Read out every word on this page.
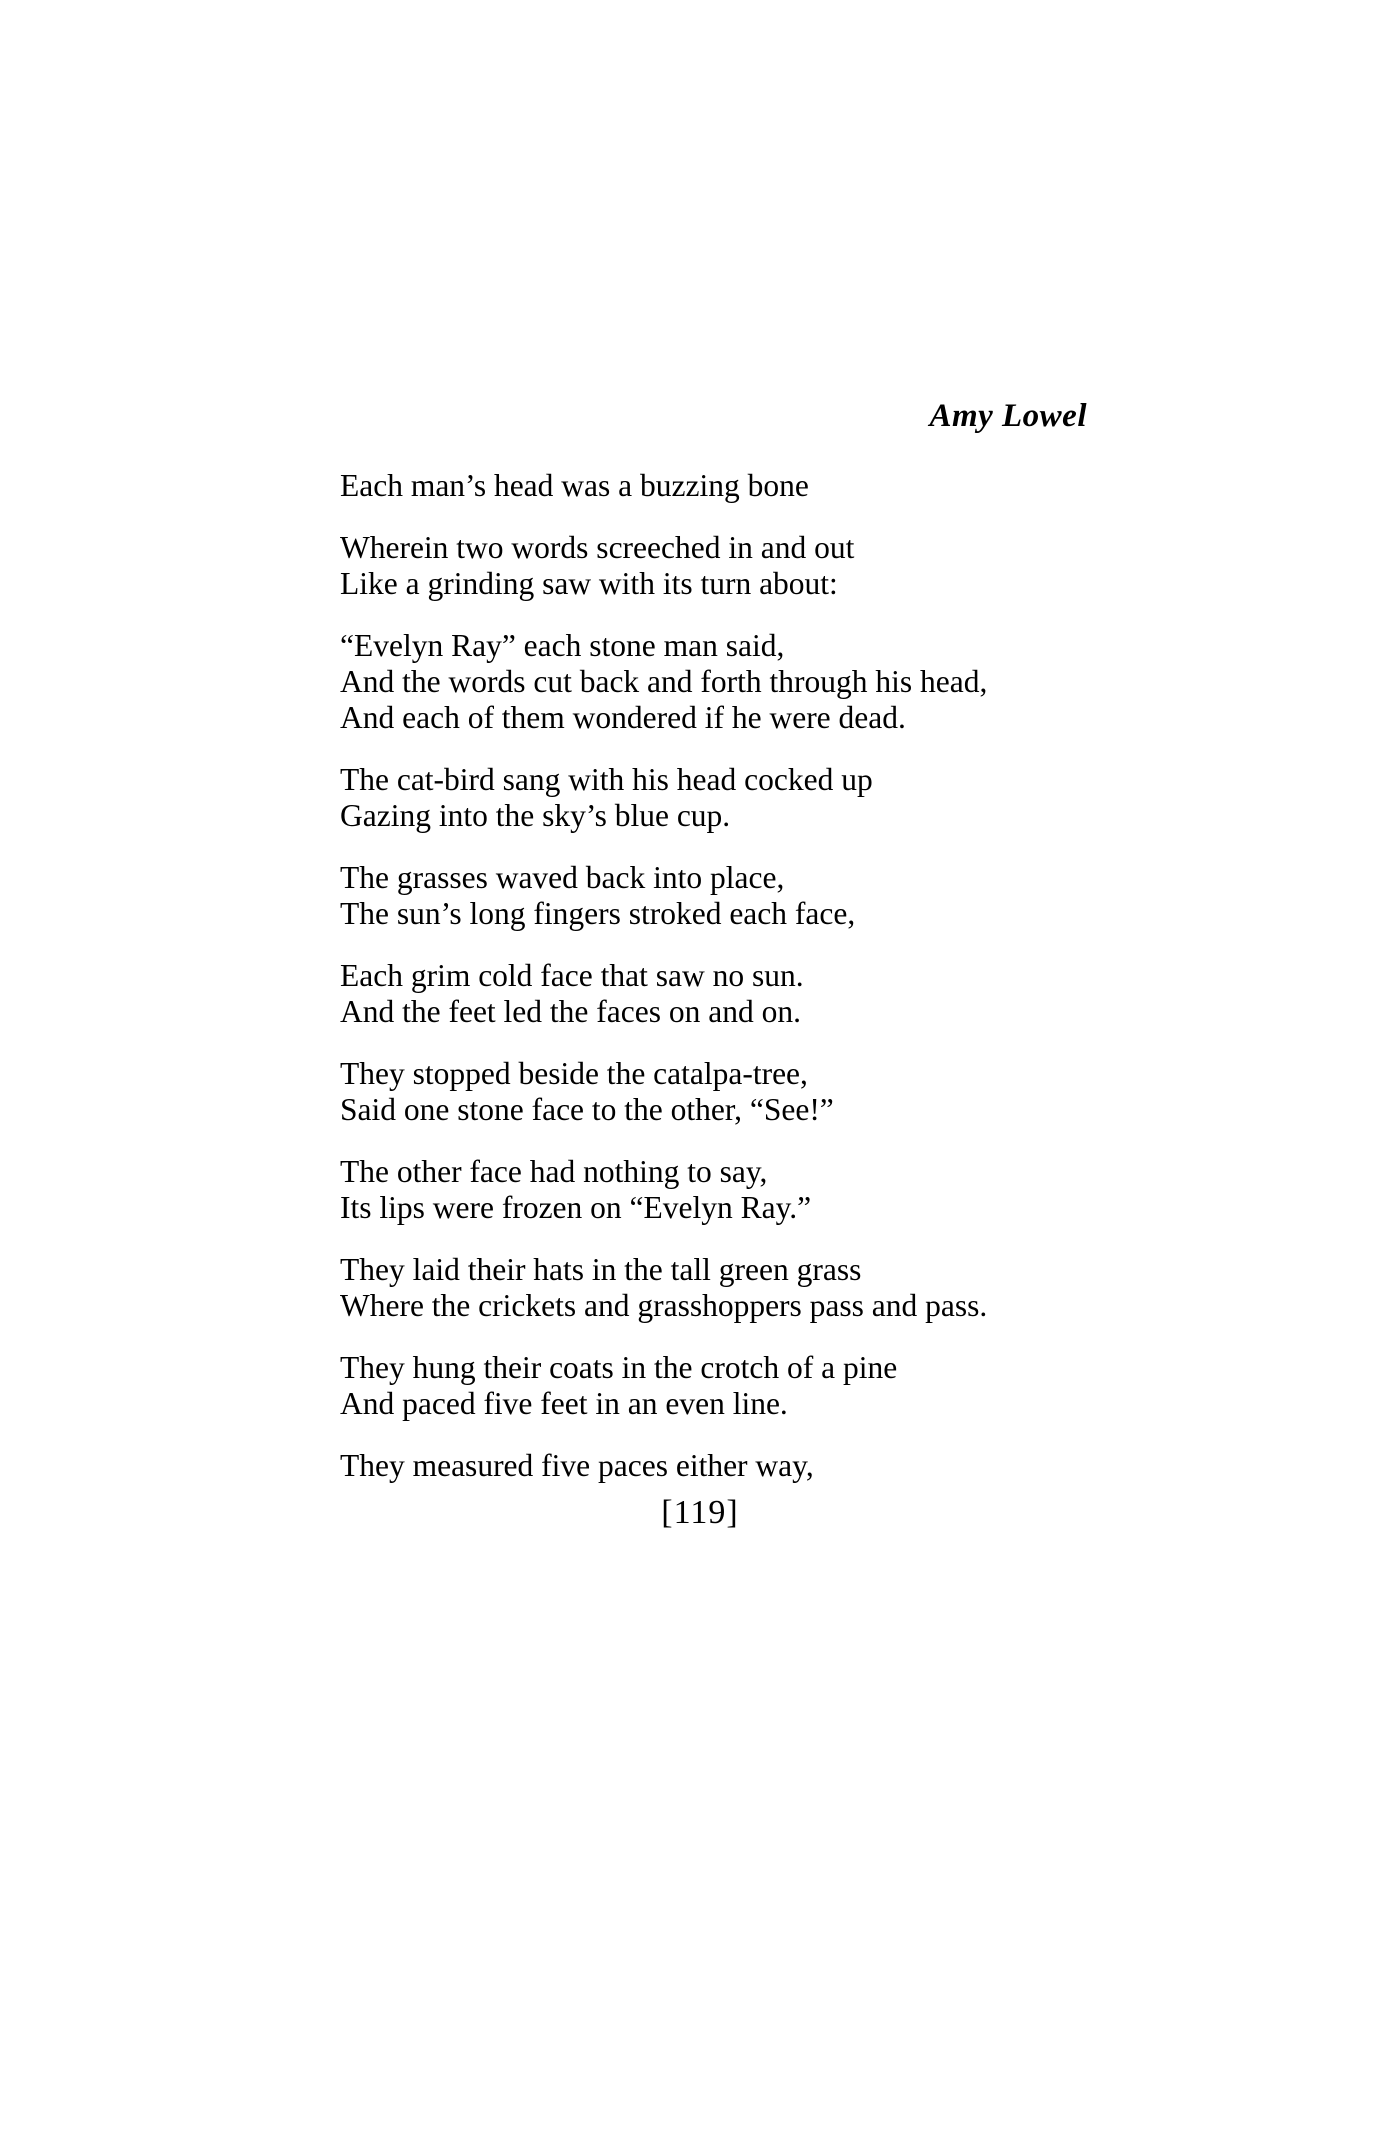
Amy Lowel
Each man’s head was a buzzing bone
Wherein two words screeched in and out
Like a grinding saw with its turn about:
“Evelyn Ray” each stone man said,
And the words cut back and forth through his head,
And each of them wondered if he were dead.
The cat-bird sang with his head cocked up
Gazing into the sky’s blue cup.
The grasses waved back into place,
The sun’s long fingers stroked each face,
Each grim cold face that saw no sun.
And the feet led the faces on and on.
They stopped beside the catalpa-tree,
Said one stone face to the other, “See!”
The other face had nothing to say,
Its lips were frozen on “Evelyn Ray.”
They laid their hats in the tall green grass
Where the crickets and grasshoppers pass and pass.
They hung their coats in the crotch of a pine
And paced five feet in an even line.
They measured five paces either way,
[119]
